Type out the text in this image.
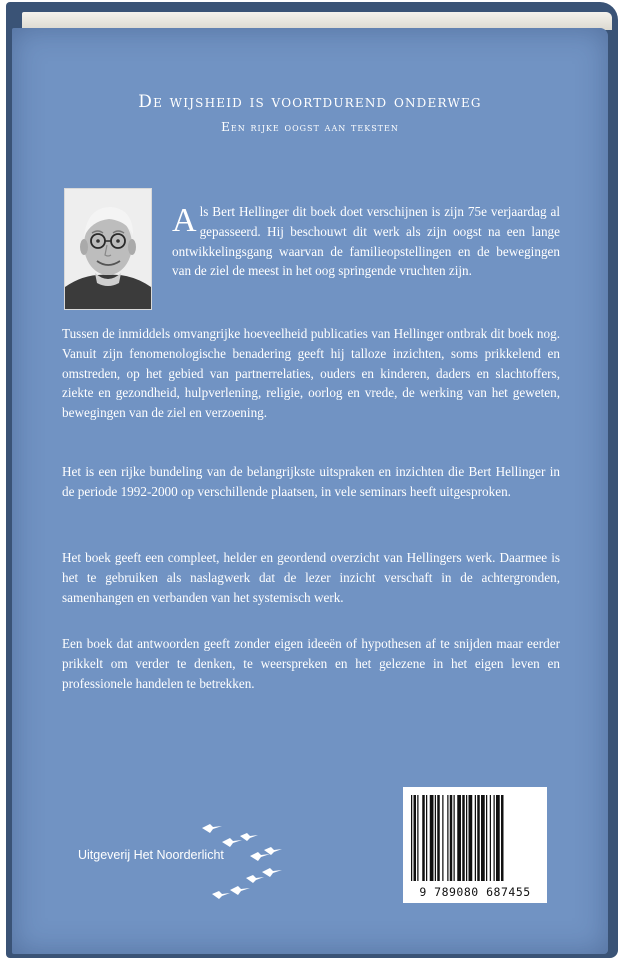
De wijsheid is voortdurend onderweg
Een rijke oogst aan teksten

Als Bert Hellinger dit boek doet verschijnen is zijn 75e verjaardag al gepasseerd. Hij beschouwt dit werk als zijn oogst na een lange ontwikkelingsgang waarvan de familieopstellingen en de bewegingen van de ziel de meest in het oog springende vruchten zijn.

Tussen de inmiddels omvangrijke hoeveelheid publicaties van Hellinger ontbrak dit boek nog. Vanuit zijn fenomenologische benadering geeft hij talloze inzichten, soms prikkelend en omstreden, op het gebied van partnerrelaties, ouders en kinderen, daders en slachtoffers, ziekte en gezondheid, hulpverlening, religie, oorlog en vrede, de werking van het geweten, bewegingen van de ziel en verzoening.

Het is een rijke bundeling van de belangrijkste uitspraken en inzichten die Bert Hellinger in de periode 1992-2000 op verschillende plaatsen, in vele seminars heeft uitgesproken.

Het boek geeft een compleet, helder en geordend overzicht van Hellingers werk. Daarmee is het te gebruiken als naslagwerk dat de lezer inzicht verschaft in de achtergronden, samenhangen en verbanden van het systemisch werk.

Een boek dat antwoorden geeft zonder eigen ideeën of hypothesen af te snijden maar eerder prikkelt om verder te denken, te weerspreken en het gelezene in het eigen leven en professionele handelen te betrekken.

Uitgeverij Het Noorderlicht
9 789080 687455
